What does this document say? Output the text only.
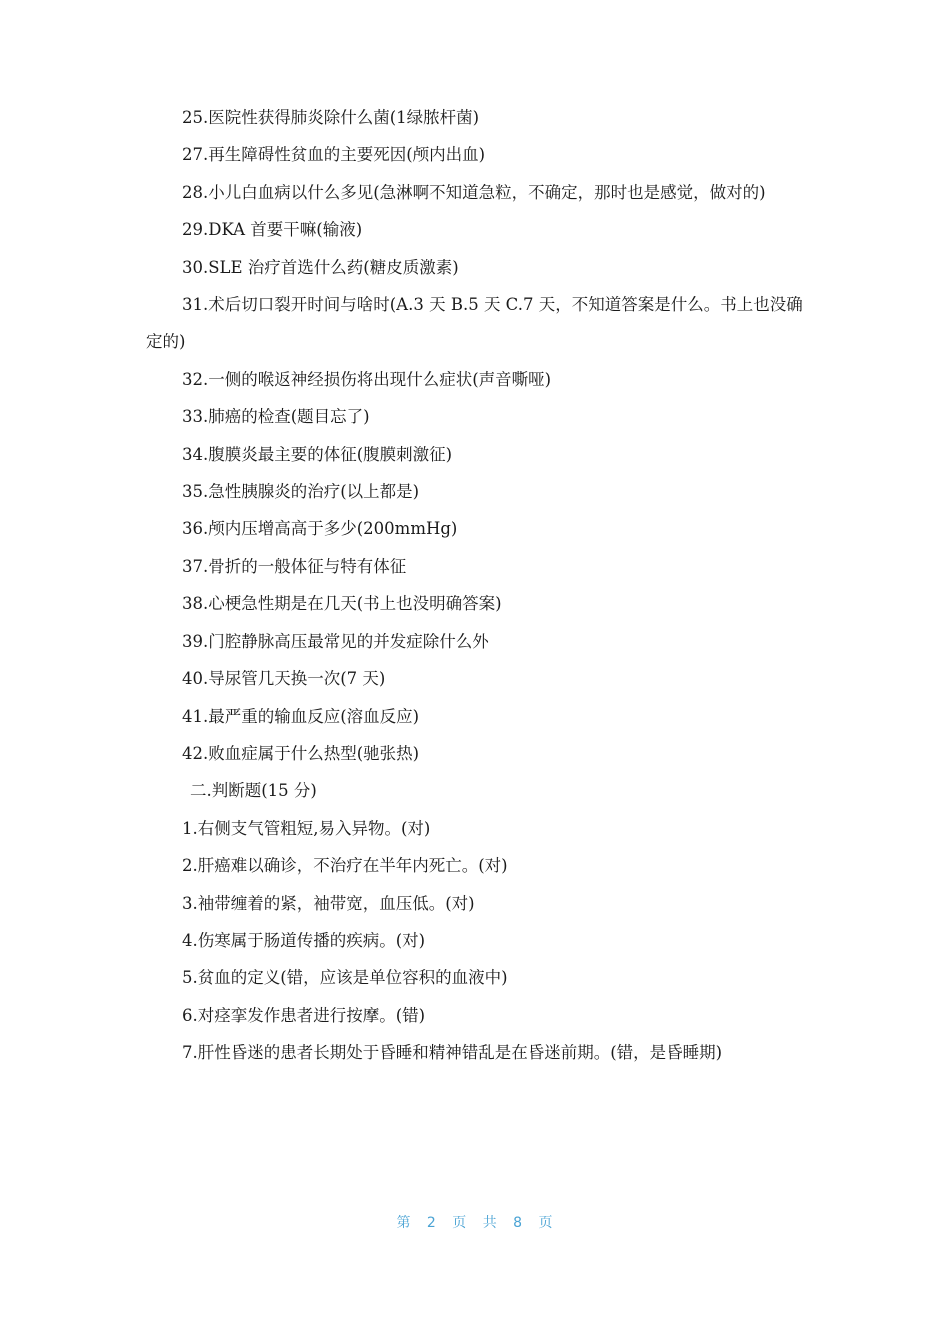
25.医院性获得肺炎除什么菌(1绿脓杆菌)

27.再生障碍性贫血的主要死因(颅内出血)

28.小儿白血病以什么多见(急淋啊不知道急粒，不确定，那时也是感觉，做对的)

29.DKA 首要干嘛(输液)

30.SLE 治疗首选什么药(糖皮质激素)

31.术后切口裂开时间与啥时(A.3 天 B.5 天 C.7 天，不知道答案是什么。书上也没确定的)

32.一侧的喉返神经损伤将出现什么症状(声音嘶哑)

33.肺癌的检查(题目忘了)

34.腹膜炎最主要的体征(腹膜刺激征)

35.急性胰腺炎的治疗(以上都是)

36.颅内压增高高于多少(200mmHg)

37.骨折的一般体征与特有体征

38.心梗急性期是在几天(书上也没明确答案)

39.门腔静脉高压最常见的并发症除什么外

40.导尿管几天换一次(7 天)

41.最严重的输血反应(溶血反应)

42.败血症属于什么热型(驰张热)

二.判断题(15 分)

1.右侧支气管粗短,易入异物。(对)

2.肝癌难以确诊，不治疗在半年内死亡。(对)

3.袖带缠着的紧，袖带宽，血压低。(对)

4.伤寒属于肠道传播的疾病。(对)

5.贫血的定义(错，应该是单位容积的血液中)

6.对痉挛发作患者进行按摩。(错)

7.肝性昏迷的患者长期处于昏睡和精神错乱是在昏迷前期。(错，是昏睡期)

第 2 页 共 8 页
